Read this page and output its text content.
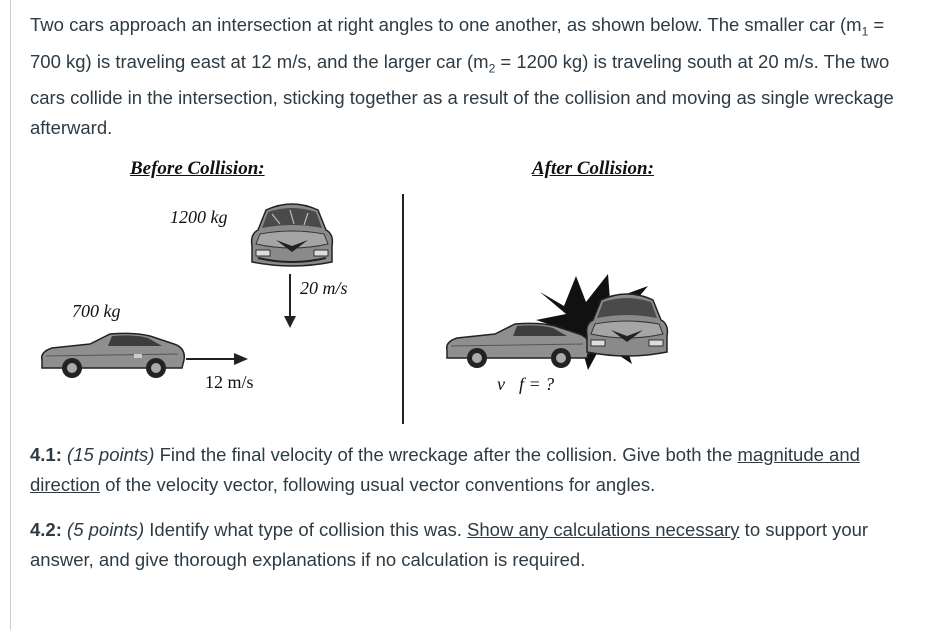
Two cars approach an intersection at right angles to one another, as shown below. The smaller car ($m_1 = 700$ kg) is traveling east at 12 m/s, and the larger car ($m_2 = 1200$ kg) is traveling south at 20 m/s. The two cars collide in the intersection, sticking together as a result of the collision and moving as single wreckage afterward.
Before Collision:	After Collision:
1200 kg
700 kg
20 m/s
12 m/s	v⃗f = ?
4.1: (15 points) Find the final velocity of the wreckage after the collision. Give both the magnitude and direction of the velocity vector, following usual vector conventions for angles.
4.2: (5 points) Identify what type of collision this was. Show any calculations necessary to support your answer, and give thorough explanations if no calculation is required.
